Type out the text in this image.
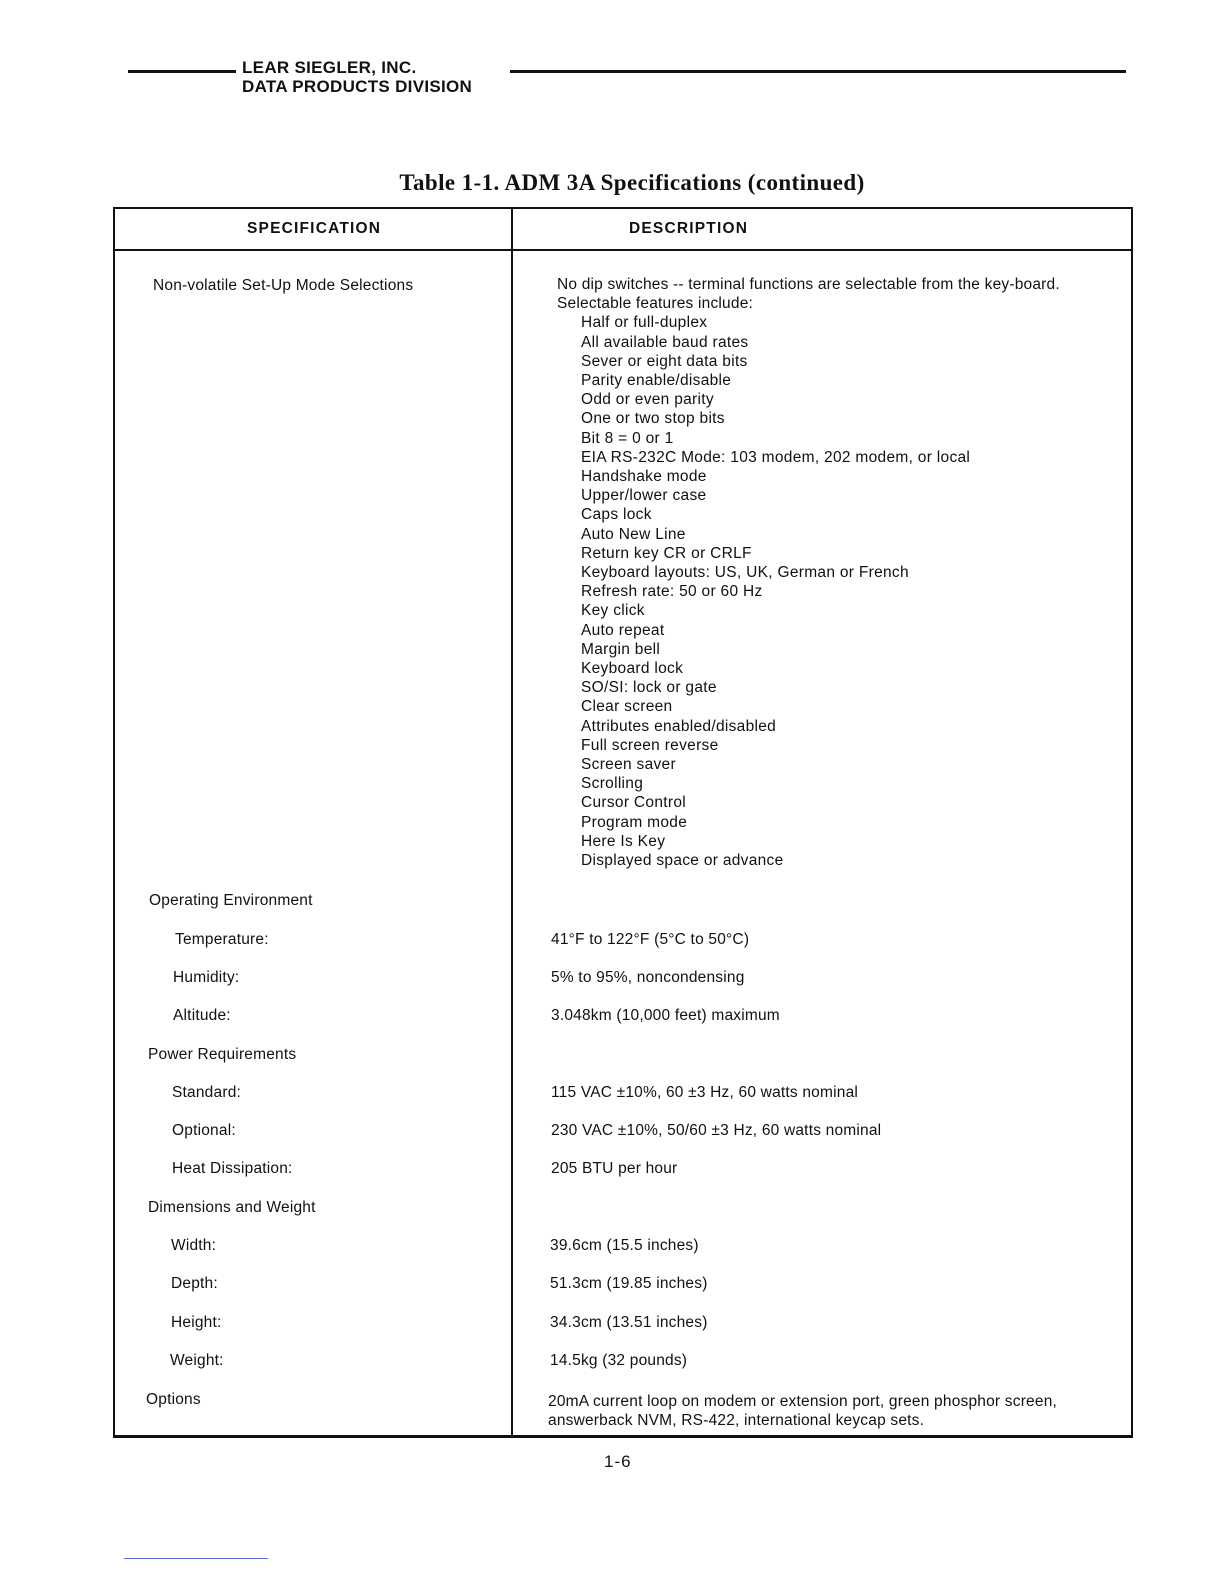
LEAR SIEGLER, INC.
DATA PRODUCTS DIVISION
Table 1-1. ADM 3A Specifications (continued)
SPECIFICATION	DESCRIPTION
Non-volatile Set-Up Mode Selections	No dip switches -- terminal functions are selectable from the key-board. Selectable features include:
Half or full-duplex
All available baud rates
Sever or eight data bits
Parity enable/disable
Odd or even parity
One or two stop bits
Bit 8 = 0 or 1
EIA RS-232C Mode: 103 modem, 202 modem, or local
Handshake mode
Upper/lower case
Caps lock
Auto New Line
Return key CR or CRLF
Keyboard layouts: US, UK, German or French
Refresh rate: 50 or 60 Hz
Key click
Auto repeat
Margin bell
Keyboard lock
SO/SI: lock or gate
Clear screen
Attributes enabled/disabled
Full screen reverse
Screen saver
Scrolling
Cursor Control
Program mode
Here Is Key
Displayed space or advance
Operating Environment
Temperature:	41°F to 122°F (5°C to 50°C)
Humidity:	5% to 95%, noncondensing
Altitude:	3.048km (10,000 feet) maximum
Power Requirements
Standard:	115 VAC ±10%, 60 ±3 Hz, 60 watts nominal
Optional:	230 VAC ±10%, 50/60 ±3 Hz, 60 watts nominal
Heat Dissipation:	205 BTU per hour
Dimensions and Weight
Width:	39.6cm (15.5 inches)
Depth:	51.3cm (19.85 inches)
Height:	34.3cm (13.51 inches)
Weight:	14.5kg (32 pounds)
Options	20mA current loop on modem or extension port, green phosphor screen, answerback NVM, RS-422, international keycap sets.
1-6
